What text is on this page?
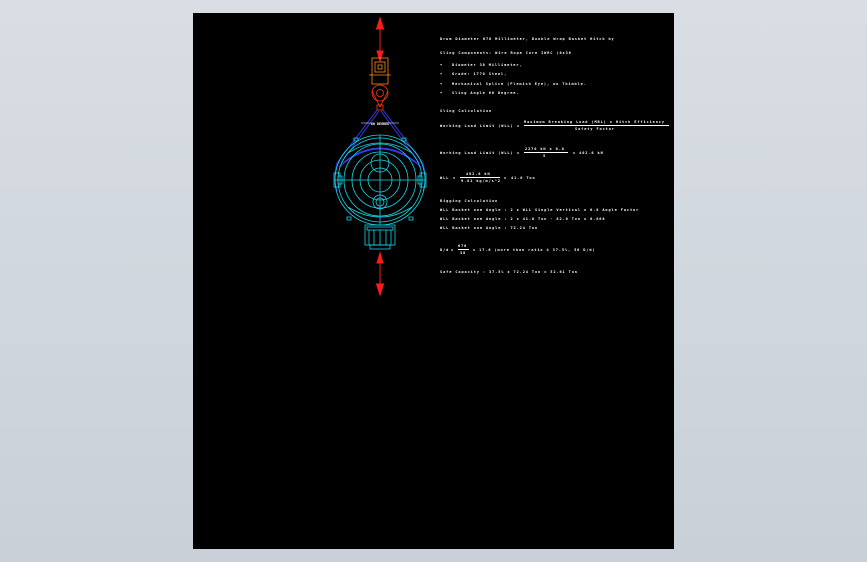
60 DEGREE
Drum Diameter 670 Millimeter, Double Wrap Basket Hitch by
Sling Components: Wire Rope Core IWRC (6x36
• Diameter 38 Millimeter,
• Grade: 1770 Steel,
• Mechanical Splice (Flemish Eye), wo Thimble.
• Sling Angle 60 Degree.
Sling Calculation
Working Load Limit (WLL) =
Maximum Breaking Load (MBL) x Hitch Efficiency
Safety Factor
Working Load Limit (WLL) =
2270 kN x 0.8
5
= 402.6 kN
WLL =
402.6 kN
9.81 kg/m/s^2
= 41.0 Ton
Rigging Calculation
WLL Basket one Angle : 2 x WLL Single Vertical x 0.8 Angle Factor
WLL Basket one Angle : 2 x 41.0 Ton - 82.0 Ton x 0.866
WLL Basket one Angle : 72.24 Ton
D/d =
670
38
= 17.6 (more than ratio 4 37.5%, 50 D/d)
Safe Capacity : 37.5% x 72.24 Ton = 52.61 Ton
